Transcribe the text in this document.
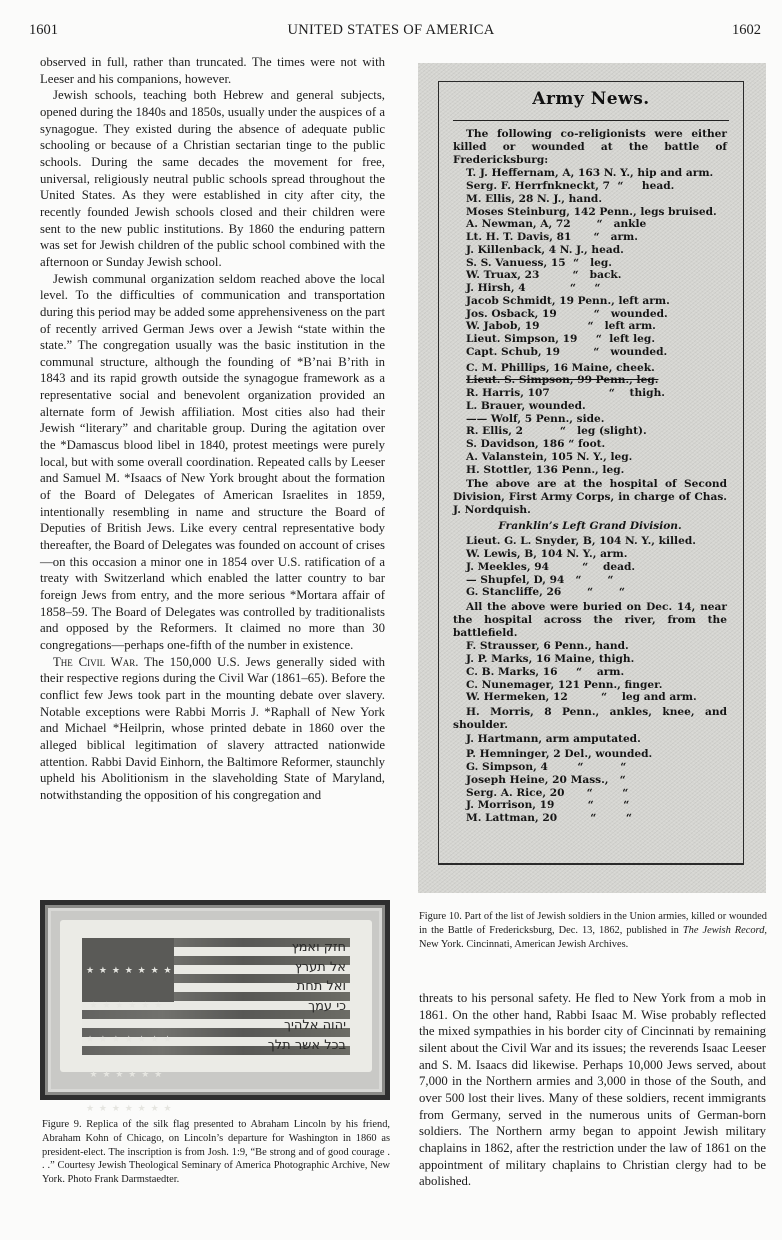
1601	UNITED STATES OF AMERICA	1602

observed in full, rather than truncated. The times were not with Leeser and his companions, however.

Jewish schools, teaching both Hebrew and general subjects, opened during the 1840s and 1850s, usually under the auspices of a synagogue. They existed during the absence of adequate public schooling or because of a Christian sectarian tinge to the public schools. During the same decades the movement for free, universal, religiously neutral public schools spread throughout the United States. As they were established in city after city, the recently founded Jewish schools closed and their children were sent to the new public institutions. By 1860 the enduring pattern was set for Jewish children of the public school combined with the afternoon or Sunday Jewish school.

Jewish communal organization seldom reached above the local level. To the difficulties of communication and transportation during this period may be added some apprehensiveness on the part of recently arrived German Jews over a Jewish “state within the state.” The congregation usually was the basic institution in the communal structure, although the founding of *B’nai B’rith in 1843 and its rapid growth outside the synagogue framework as a representative social and benevolent organization provided an alternate form of Jewish affiliation. Most cities also had their Jewish “literary” and charitable group. During the agitation over the *Damascus blood libel in 1840, protest meetings were purely local, but with some overall coordination. Repeated calls by Leeser and Samuel M. *Isaacs of New York brought about the formation of the Board of Delegates of American Israelites in 1859, intentionally resembling in name and structure the Board of Deputies of British Jews. Like every central representative body thereafter, the Board of Delegates was founded on account of crises—on this occasion a minor one in 1854 over U.S. ratification of a treaty with Switzerland which enabled the latter country to bar foreign Jews from entry, and the more serious *Mortara affair of 1858–59. The Board of Delegates was controlled by traditionalists and opposed by the Reformers. It claimed no more than 30 congregations—perhaps one-fifth of the number in existence.

The Civil War. The 150,000 U.S. Jews generally sided with their respective regions during the Civil War (1861–65). Before the conflict few Jews took part in the mounting debate over slavery. Notable exceptions were Rabbi Morris J. *Raphall of New York and Michael *Heilprin, whose printed debate in 1860 over the alleged biblical legitimation of slavery attracted nationwide attention. Rabbi David Einhorn, the Baltimore Reformer, staunchly upheld his Abolitionism in the slaveholding State of Maryland, notwithstanding the opposition of his congregation and

★ ★ ★ ★ ★ ★ ★

★ ★ ★ ★ ★ ★

★ ★ ★ ★ ★ ★ ★

★ ★ ★ ★ ★ ★

★ ★ ★ ★ ★ ★ ★

חזק ואמץ
אל תערץ
ואל תחת
כי עמך
יהוה אלהיך
בכל אשר תלך
Figure 9. Replica of the silk flag presented to Abraham Lincoln by his friend, Abraham Kohn of Chicago, on Lincoln’s departure for Washington in 1860 as president-elect. The inscription is from Josh. 1:9, “Be strong and of good courage . . .” Courtesy Jewish Theological Seminary of America Photographic Archive, New York. Photo Frank Darmstaedter.
Army News.
The following co-religionists were either killed or wounded at the battle of Fredericksburg:
T. J. Heffernam, A, 163 N. Y., hip and arm.
Serg. F. Herrfnkneckt, 7  “     head.
M. Ellis, 28 N. J., hand.
Moses Steinburg, 142 Penn., legs bruised.
A. Newman, A, 72       “   ankle
Lt. H. T. Davis, 81      “   arm.
J. Killenback, 4 N. J., head.
S. S. Vanuess, 15  “   leg.
W. Truax, 23         “   back.
J. Hirsh, 4            “     “
Jacob Schmidt, 19 Penn., left arm.
Jos. Osback, 19          “   wounded.
W. Jabob, 19             “   left arm.
Lieut. Simpson, 19     “  left leg.
Capt. Schub, 19         “   wounded.
C. M. Phillips, 16 Maine, cheek.
Lieut. S. Simpson, 99 Penn., leg.
R. Harris, 107                “    thigh.
L. Brauer, wounded.
—— Wolf, 5 Penn., side.
R. Ellis, 2          “   leg (slight).
S. Davidson, 186 “ foot.
A. Valanstein, 105 N. Y., leg.
H. Stottler, 136 Penn., leg.
The above are at the hospital of Second Division, First Army Corps, in charge of Chas. J. Nordquish.
Franklin’s Left Grand Division.
Lieut. G. L. Snyder, B, 104 N. Y., killed.
W. Lewis, B, 104 N. Y., arm.
J. Meekles, 94         “    dead.
— Shupfel, D, 94   “       “
G. Stancliffe, 26       “       “
All the above were buried on Dec. 14, near the hospital across the river, from the battlefield.
F. Strausser, 6 Penn., hand.
J. P. Marks, 16 Maine, thigh.
C. B. Marks, 16     “    arm.
C. Nunemager, 121 Penn., finger.
W. Hermeken, 12         “    leg and arm.
H. Morris, 8 Penn., ankles, knee, and shoulder.
J. Hartmann, arm amputated.
P. Hemninger, 2 Del., wounded.
G. Simpson, 4        “          “
Joseph Heine, 20 Mass.,   “
Serg. A. Rice, 20      “        “
J. Morrison, 19         “        “
M. Lattman, 20         “        “
Figure 10. Part of the list of Jewish soldiers in the Union armies, killed or wounded in the Battle of Fredericksburg, Dec. 13, 1862, published in The Jewish Record, New York. Cincinnati, American Jewish Archives.

threats to his personal safety. He fled to New York from a mob in 1861. On the other hand, Rabbi Isaac M. Wise probably reflected the mixed sympathies in his border city of Cincinnati by remaining silent about the Civil War and its issues; the reverends Isaac Leeser and S. M. Isaacs did likewise. Perhaps 10,000 Jews served, about 7,000 in the Northern armies and 3,000 in those of the South, and over 500 lost their lives. Many of these soldiers, recent immigrants from Germany, served in the numerous units of German-born soldiers. The Northern army began to appoint Jewish military chaplains in 1862, after the restriction under the law of 1861 on the appointment of military chaplains to Christian clergy had to be abolished.
